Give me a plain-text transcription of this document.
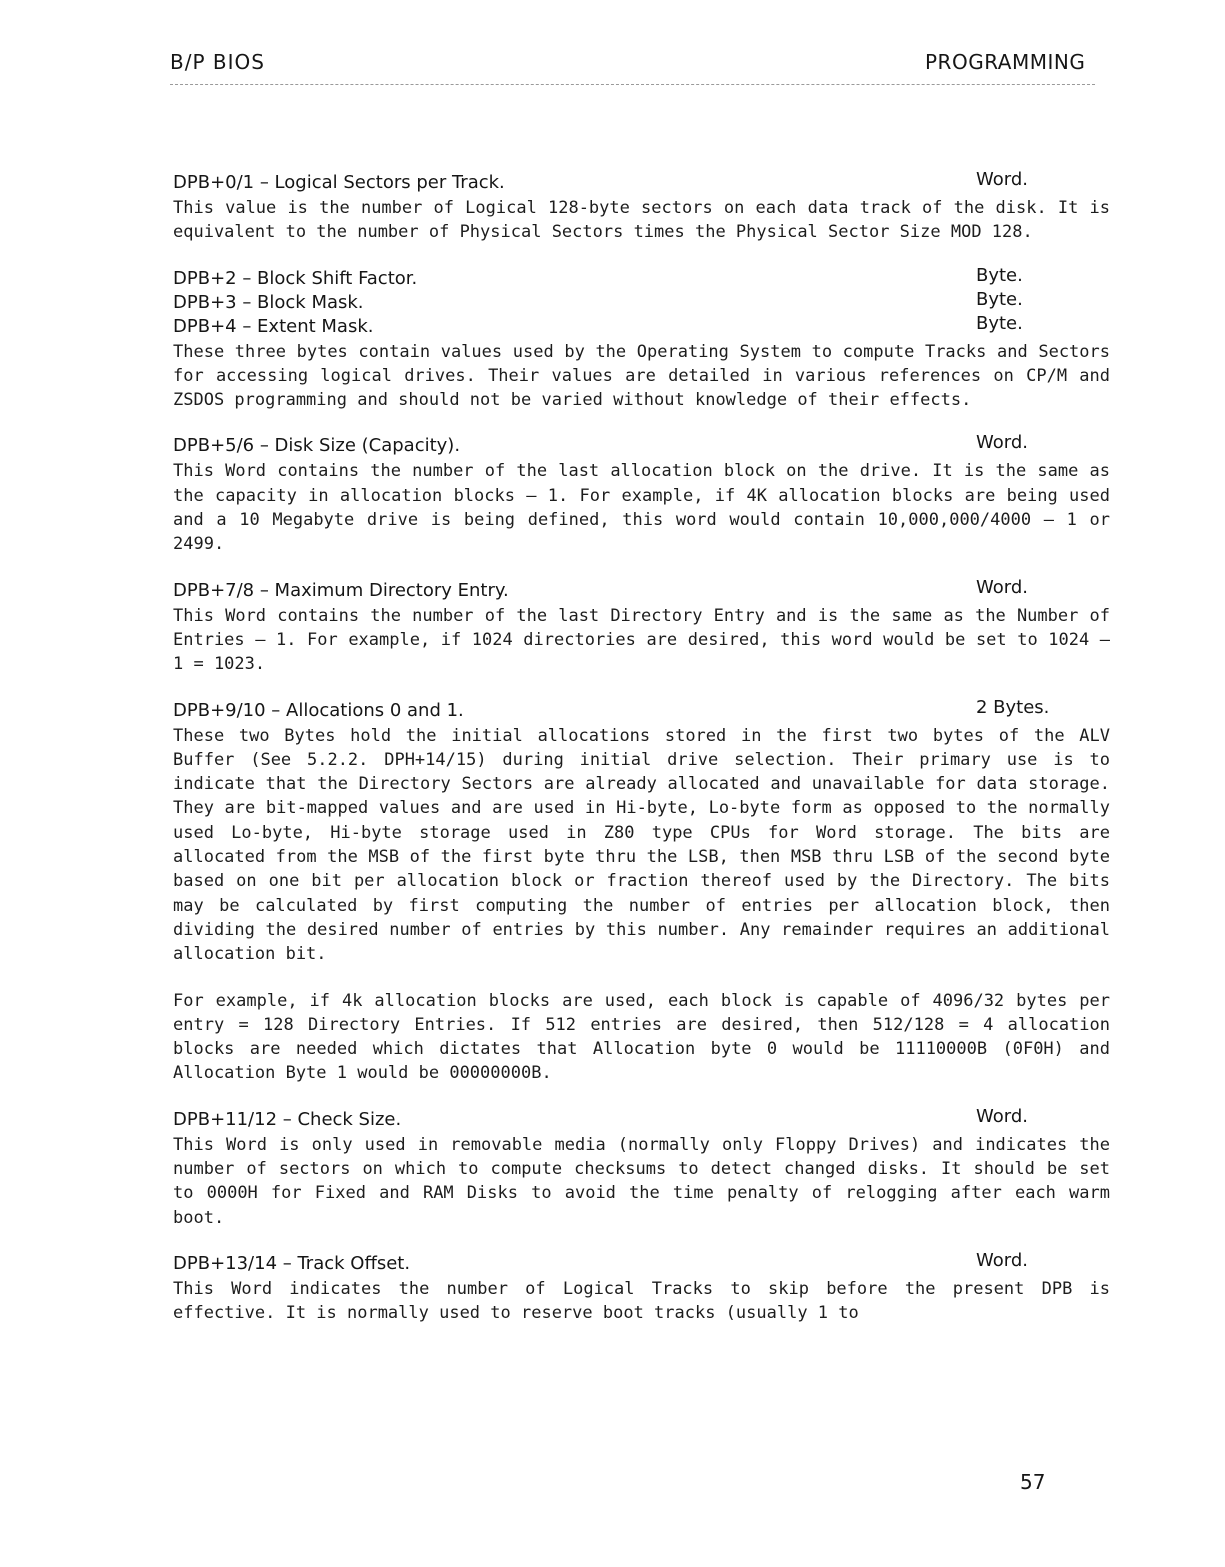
B/P BIOS	PROGRAMMING
DPB+0/1 – Logical Sectors per Track.	Word.

This value is the number of Logical 128-byte sectors on each data track of the disk. It is equivalent to the number of Physical Sectors times the Physical Sector Size MOD 128.

DPB+2 – Block Shift Factor.	Byte.
DPB+3 – Block Mask.	Byte.
DPB+4 – Extent Mask.	Byte.

These three bytes contain values used by the Operating System to compute Tracks and Sectors for accessing logical drives. Their values are detailed in various references on CP/M and ZSDOS programming and should not be varied without knowledge of their effects.

DPB+5/6 – Disk Size (Capacity).	Word.

This Word contains the number of the last allocation block on the drive. It is the same as the capacity in allocation blocks – 1. For example, if 4K allocation blocks are being used and a 10 Megabyte drive is being defined, this word would contain 10,000,000/4000 – 1 or 2499.

DPB+7/8 – Maximum Directory Entry.	Word.

This Word contains the number of the last Directory Entry and is the same as the Number of Entries – 1. For example, if 1024 directories are desired, this word would be set to 1024 – 1 = 1023.

DPB+9/10 – Allocations 0 and 1.	2 Bytes.

These two Bytes hold the initial allocations stored in the first two bytes of the ALV Buffer (See 5.2.2. DPH+14/15) during initial drive selection. Their primary use is to indicate that the Directory Sectors are already allocated and unavailable for data storage. They are bit-mapped values and are used in Hi-byte, Lo-byte form as opposed to the normally used Lo-byte, Hi-byte storage used in Z80 type CPUs for Word storage. The bits are allocated from the MSB of the first byte thru the LSB, then MSB thru LSB of the second byte based on one bit per allocation block or fraction thereof used by the Directory. The bits may be calculated by first computing the number of entries per allocation block, then dividing the desired number of entries by this number. Any remainder requires an additional allocation bit.

For example, if 4k allocation blocks are used, each block is capable of 4096/32 bytes per entry = 128 Directory Entries. If 512 entries are desired, then 512/128 = 4 allocation blocks are needed which dictates that Allocation byte 0 would be 11110000B (0F0H) and Allocation Byte 1 would be 00000000B.

DPB+11/12 – Check Size.	Word.

This Word is only used in removable media (normally only Floppy Drives) and indicates the number of sectors on which to compute checksums to detect changed disks. It should be set to 0000H for Fixed and RAM Disks to avoid the time penalty of relogging after each warm boot.

DPB+13/14 – Track Offset.	Word.

This Word indicates the number of Logical Tracks to skip before the present DPB is effective. It is normally used to reserve boot tracks (usually 1 to

57
